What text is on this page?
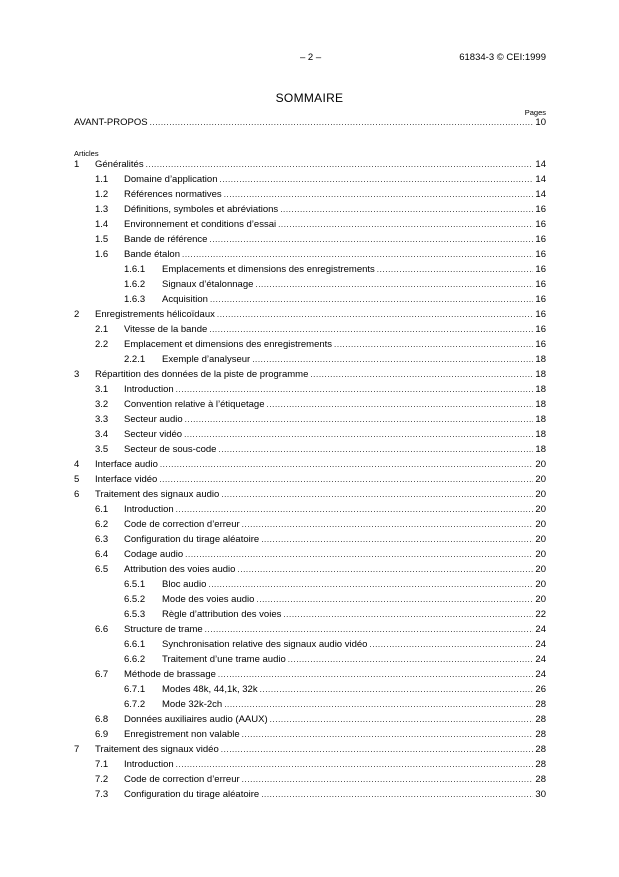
– 2 –	61834-3 © CEI:1999
SOMMAIRE
Pages
Articles
AVANT-PROPOS .....	10
1 Généralités .....	14
1.1 Domaine d’application .....	14
1.2 Références normatives .....	14
1.3 Définitions, symboles et abréviations .....	16
1.4 Environnement et conditions d’essai .....	16
1.5 Bande de référence .....	16
1.6 Bande étalon .....	16
1.6.1 Emplacements et dimensions des enregistrements .....	16
1.6.2 Signaux d’étalonnage .....	16
1.6.3 Acquisition .....	16
2 Enregistrements hélicoïdaux .....	16
2.1 Vitesse de la bande .....	16
2.2 Emplacement et dimensions des enregistrements .....	16
2.2.1 Exemple d’analyseur .....	18
3 Répartition des données de la piste de programme .....	18
3.1 Introduction .....	18
3.2 Convention relative à l’étiquetage .....	18
3.3 Secteur audio .....	18
3.4 Secteur vidéo .....	18
3.5 Secteur de sous-code .....	18
4 Interface audio .....	20
5 Interface vidéo .....	20
6 Traitement des signaux audio .....	20
6.1 Introduction .....	20
6.2 Code de correction d’erreur .....	20
6.3 Configuration du tirage aléatoire .....	20
6.4 Codage audio .....	20
6.5 Attribution des voies audio .....	20
6.5.1 Bloc audio .....	20
6.5.2 Mode des voies audio .....	20
6.5.3 Règle d’attribution des voies .....	22
6.6 Structure de trame .....	24
6.6.1 Synchronisation relative des signaux audio vidéo .....	24
6.6.2 Traitement d’une trame audio .....	24
6.7 Méthode de brassage .....	24
6.7.1 Modes 48k, 44,1k, 32k .....	26
6.7.2 Mode 32k-2ch .....	28
6.8 Données auxiliaires audio (AAUX) .....	28
6.9 Enregistrement non valable .....	28
7 Traitement des signaux vidéo .....	28
7.1 Introduction .....	28
7.2 Code de correction d’erreur .....	28
7.3 Configuration du tirage aléatoire .....	30
